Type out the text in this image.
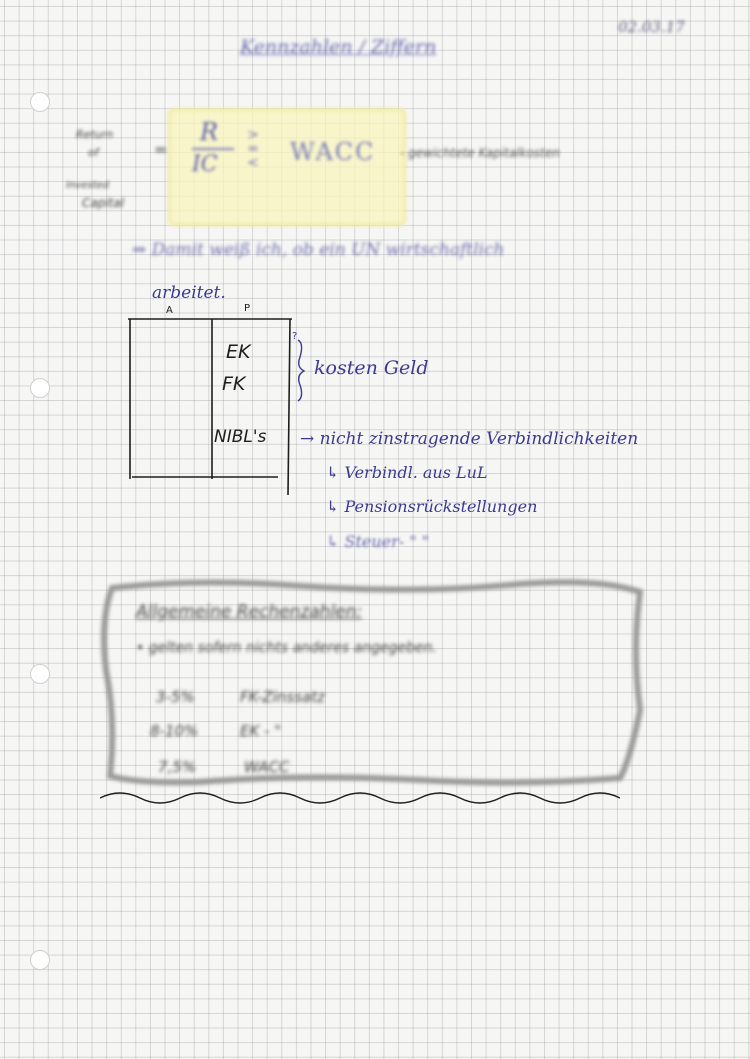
02.03.17
Kennzahlen / Ziffern
Return
of
Invested
Capital
=
R
IC
> = < WACC - gewichtete Kapitalkosten
⇒ Damit weiß ich, ob ein UN wirtschaftlich
arbeitet.
A	P
EK
?
FK
NIBL's
kosten Geld
→ nicht zinstragende Verbindlichkeiten
↳ Verbindl. aus LuL
↳ Pensionsrückstellungen
↳ Steuer- " "
Allgemeine Rechenzahlen:
• gelten sofern nichts anderes angegeben.
3-5%	FK-Zinssatz
8-10%	EK - "
7,5%	WACC
